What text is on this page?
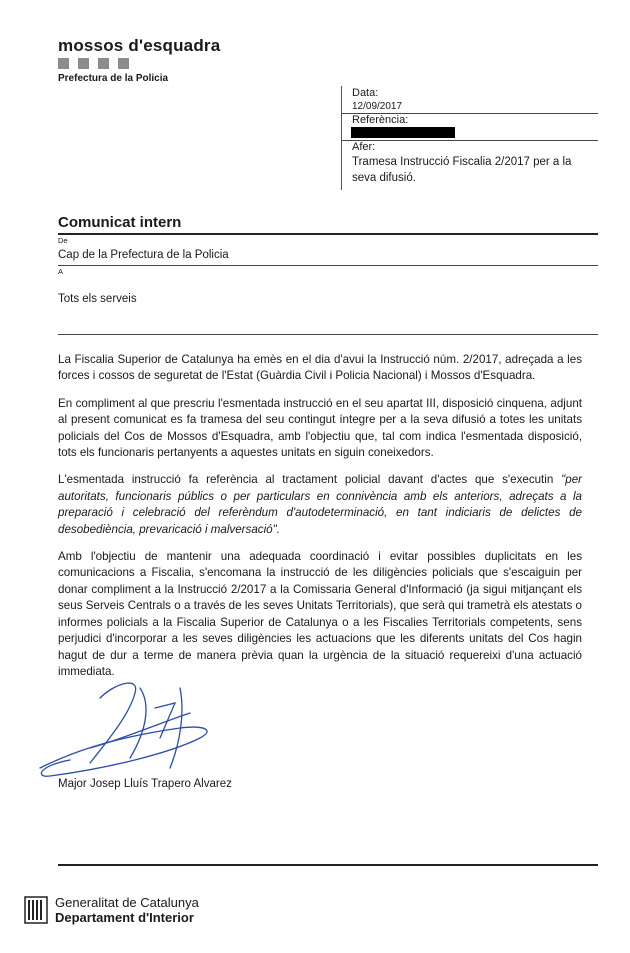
mossos d'esquadra
Prefectura de la Policia
Data:
12/09/2017
Referència:
Afer:
Tramesa Instrucció Fiscalia 2/2017 per a la seva difusió.
Comunicat intern
De
Cap de la Prefectura de la Policia
A
Tots els serveis

La Fiscalia Superior de Catalunya ha emès en el dia d'avui la Instrucció núm. 2/2017, adreçada a les forces i cossos de seguretat de l'Estat (Guàrdia Civil i Policia Nacional) i Mossos d'Esquadra.

En compliment al que prescriu l'esmentada instrucció en el seu apartat III, disposició cinquena, adjunt al present comunicat es fa tramesa del seu contingut íntegre per a la seva difusió a totes les unitats policials del Cos de Mossos d'Esquadra, amb l'objectiu que, tal com indica l'esmentada disposició, tots els funcionaris pertanyents a aquestes unitats en siguin coneixedors.

L'esmentada instrucció fa referència al tractament policial davant d'actes que s'executin "per autoritats, funcionaris públics o per particulars en connivència amb els anteriors, adreçats a la preparació i celebració del referèndum d'autodeterminació, en tant indiciaris de delictes de desobediència, prevaricació i malversació".

Amb l'objectiu de mantenir una adequada coordinació i evitar possibles duplicitats en les comunicacions a Fiscalia, s'encomana la instrucció de les diligències policials que s'escaiguin per donar compliment a la Instrucció 2/2017 a la Comissaria General d'Informació (ja sigui mitjançant els seus Serveis Centrals o a través de les seves Unitats Territorials), que serà qui trametrà els atestats o informes policials a la Fiscalia Superior de Catalunya o a les Fiscalies Territorials competents, sens perjudici d'incorporar a les seves diligències les actuacions que les diferents unitats del Cos hagin hagut de dur a terme de manera prèvia quan la urgència de la situació requereixi d'una actuació immediata.

Major Josep Lluís Trapero Alvarez
Generalitat de Catalunya
Departament d'Interior
